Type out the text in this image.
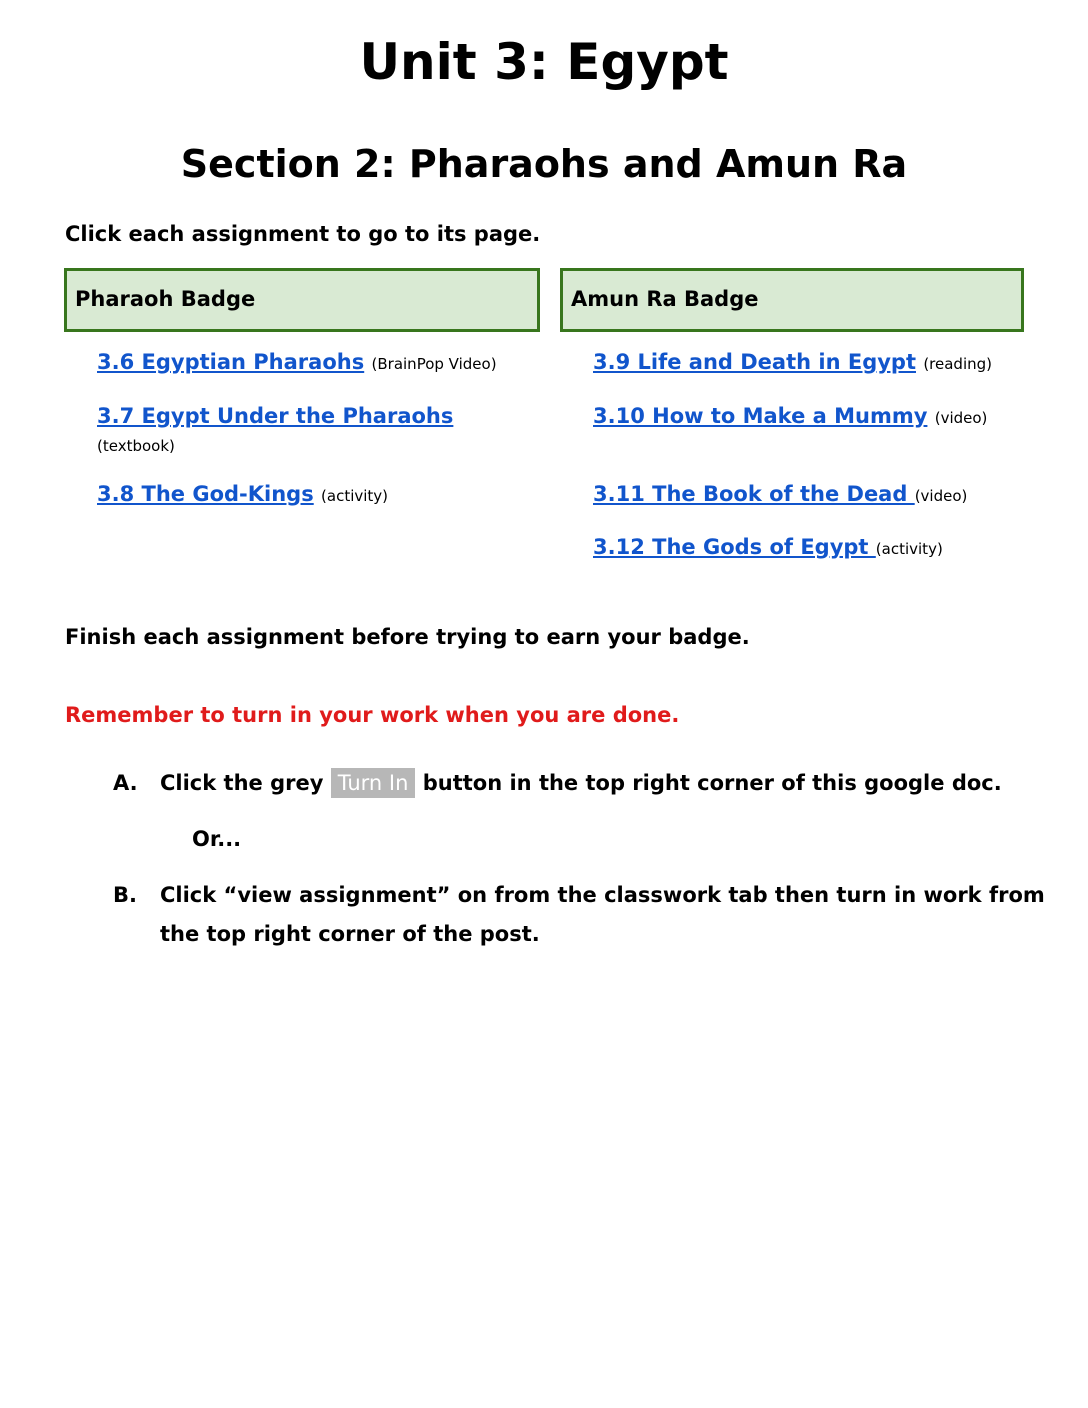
Unit 3: Egypt
Section 2: Pharaohs and Amun Ra
Click each assignment to go to its page.
Pharaoh Badge
3.6 Egyptian Pharaohs (BrainPop Video)
3.7 Egypt Under the Pharaohs
(textbook)
3.8 The God-Kings (activity)
Amun Ra Badge
3.9 Life and Death in Egypt (reading)
3.10 How to Make a Mummy (video)
3.11 The Book of the Dead (video)
3.12 The Gods of Egypt (activity)
Finish each assignment before trying to earn your badge.
Remember to turn in your work when you are done.
A. Click the grey Turn In button in the top right corner of this google doc.
Or...
B. Click “view assignment” on from the classwork tab then turn in work from
the top right corner of the post.
